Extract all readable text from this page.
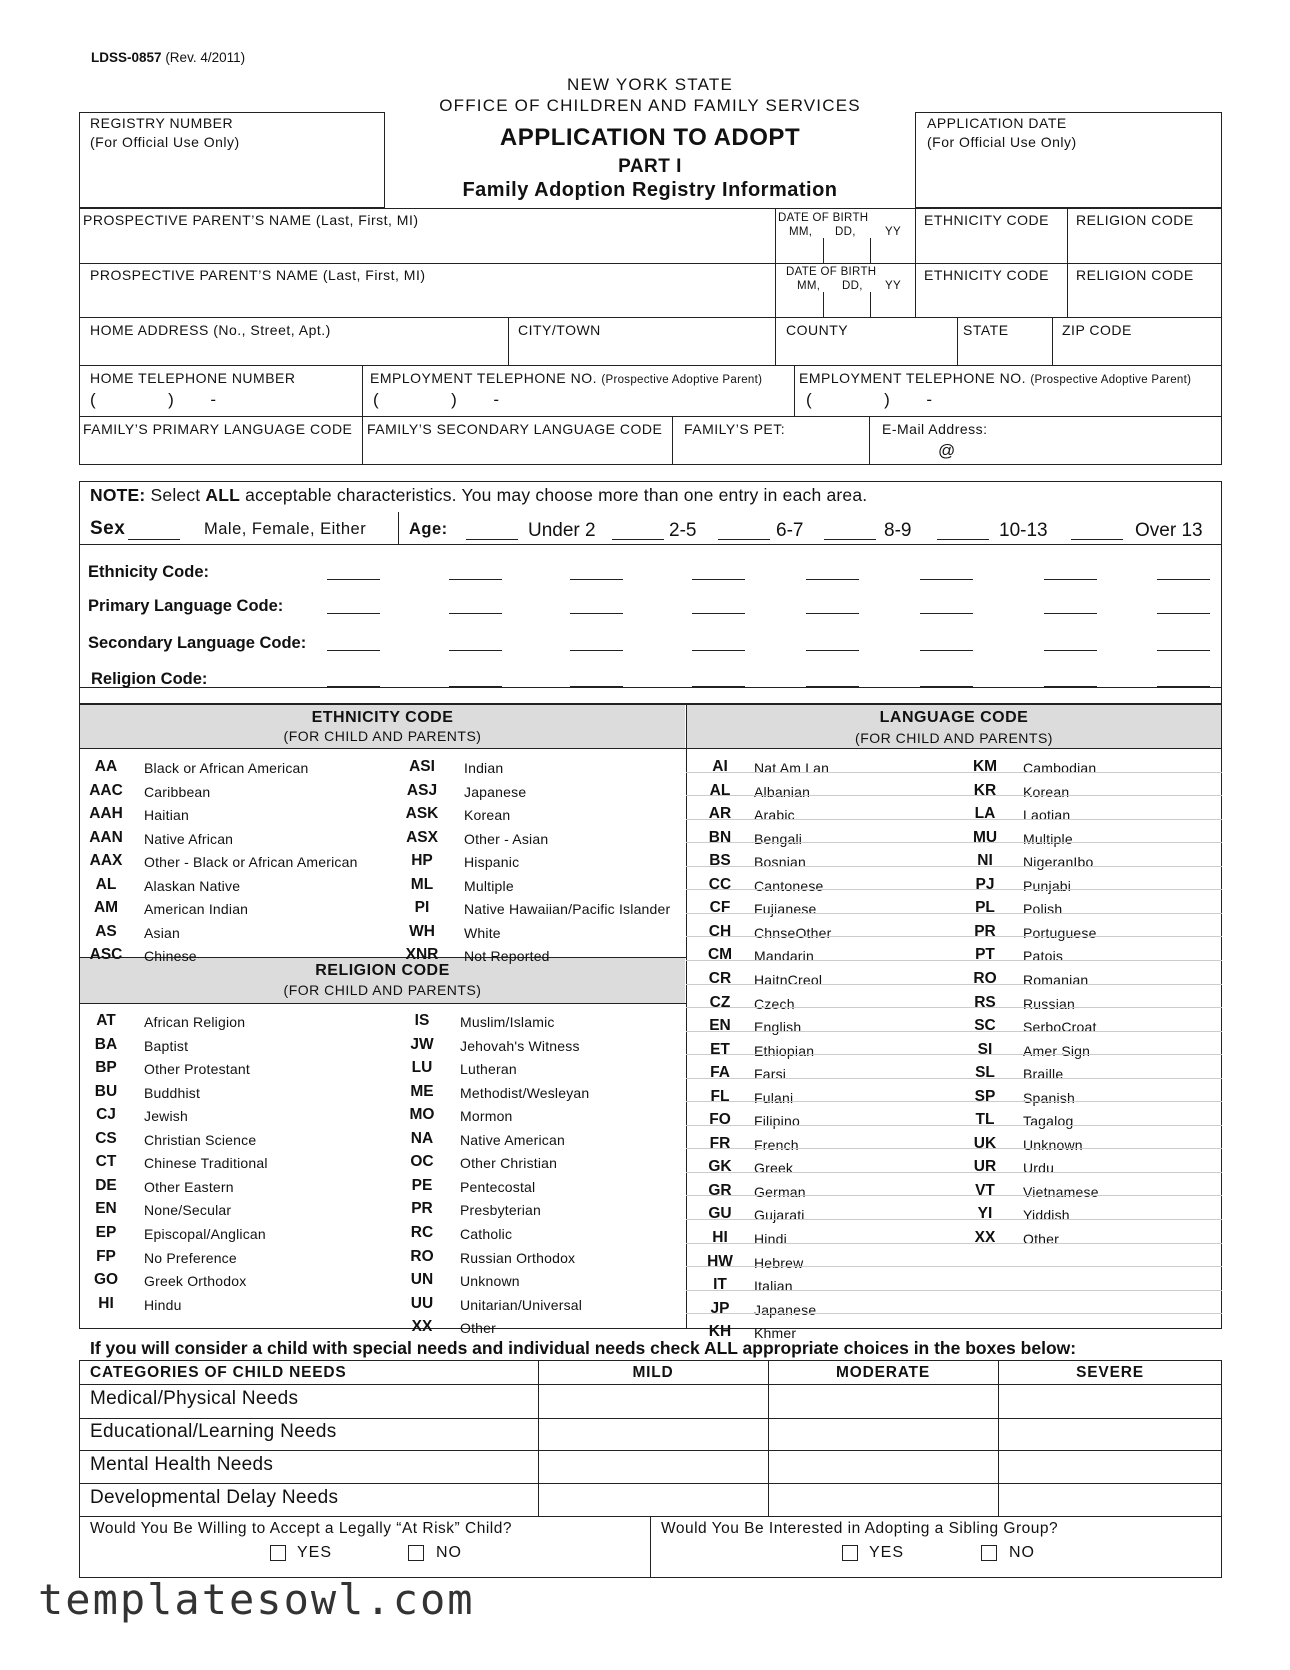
LDSS-0857 (Rev. 4/2011)
NEW YORK STATE
OFFICE OF CHILDREN AND FAMILY SERVICES
REGISTRY NUMBER
(For Official Use Only)
APPLICATION DATE
(For Official Use Only)
APPLICATION TO ADOPT
PART I
Family Adoption Registry Information
PROSPECTIVE PARENT’S NAME (Last, First, MI)	DATE OF BIRTH
MM, DD,	YY
ETHNICITY CODE RELIGION CODE
PROSPECTIVE PARENT’S NAME (Last, First, MI)	DATE OF BIRTH
MM, DD, YY
ETHNICITY CODE RELIGION CODE
HOME ADDRESS (No., Street, Apt.)	CITY/TOWN	COUNTY	STATE	ZIP CODE
HOME TELEPHONE NUMBER	EMPLOYMENT TELEPHONE NO. (Prospective Adoptive Parent)	EMPLOYMENT TELEPHONE NO. (Prospective Adoptive Parent)
(	) -	(	) -	(	) -
FAMILY’S PRIMARY LANGUAGE CODE FAMILY’S SECONDARY LANGUAGE CODE FAMILY’S PET:	E-Mail Address:
@
NOTE: Select ALL acceptable characteristics. You may choose more than one entry in each area.
Sex	Male, Female, Either	Age:	Under 2	2-5	6-7	8-9	10-13	Over 13
Ethnicity Code:
Primary Language Code:
Secondary Language Code:
Religion Code:
ETHNICITY CODE
(FOR CHILD AND PARENTS)
LANGUAGE CODE
(FOR CHILD AND PARENTS)
RELIGION CODE
(FOR CHILD AND PARENTS)
AA	Black or African American
AAC	Caribbean
AAH	Haitian
AAN	Native African
AAX	Other - Black or African American
AL	Alaskan Native
AM	American Indian
AS	Asian
ASC	Chinese
ASI	Indian
ASJ	Japanese
ASK	Korean
ASX	Other - Asian
HP	Hispanic
ML	Multiple
PI	Native Hawaiian/Pacific Islander
WH	White
XNR	Not Reported
AT	African Religion
BA	Baptist
BP	Other Protestant
BU	Buddhist
CJ	Jewish
CS	Christian Science
CT	Chinese Traditional
DE	Other Eastern
EN	None/Secular
EP	Episcopal/Anglican
FP	No Preference
GO	Greek Orthodox
HI	Hindu
IS	Muslim/Islamic
JW	Jehovah's Witness
LU	Lutheran
ME	Methodist/Wesleyan
MO	Mormon
NA	Native American
OC	Other Christian
PE	Pentecostal
PR	Presbyterian
RC	Catholic
RO	Russian Orthodox
UN	Unknown
UU	Unitarian/Universal
XX	Other
AI	Nat Am Lan
AL	Albanian
AR	Arabic
BN	Bengali
BS	Bosnian
CC	Cantonese
CF	Fujianese
CH	ChnseOther
CM	Mandarin
CR	HaitnCreol
CZ	Czech
EN	English
ET	Ethiopian
FA	Farsi
FL	Fulani
FO	Filipino
FR	French
GK	Greek
GR	German
GU	Gujarati
HI	Hindi
HW	Hebrew
IT	Italian
JP	Japanese
KH	Khmer
KM	Cambodian
KR	Korean
LA	Laotian
MU	Multiple
NI	NigeranIbo
PJ	Punjabi
PL	Polish
PR	Portuguese
PT	Patois
RO	Romanian
RS	Russian
SC	SerboCroat
SI	Amer Sign
SL	Braille
SP	Spanish
TL	Tagalog
UK	Unknown
UR	Urdu
VT	Vietnamese
YI	Yiddish
XX	Other
If you will consider a child with special needs and individual needs check ALL appropriate choices in the boxes below:
CATEGORIES OF CHILD NEEDS	MILD	MODERATE	SEVERE
Medical/Physical Needs
Educational/Learning Needs
Mental Health Needs
Developmental Delay Needs
Would You Be Willing to Accept a Legally “At Risk” Child?
YES	NO
Would You Be Interested in Adopting a Sibling Group?
YES	NO
templatesowl.com
